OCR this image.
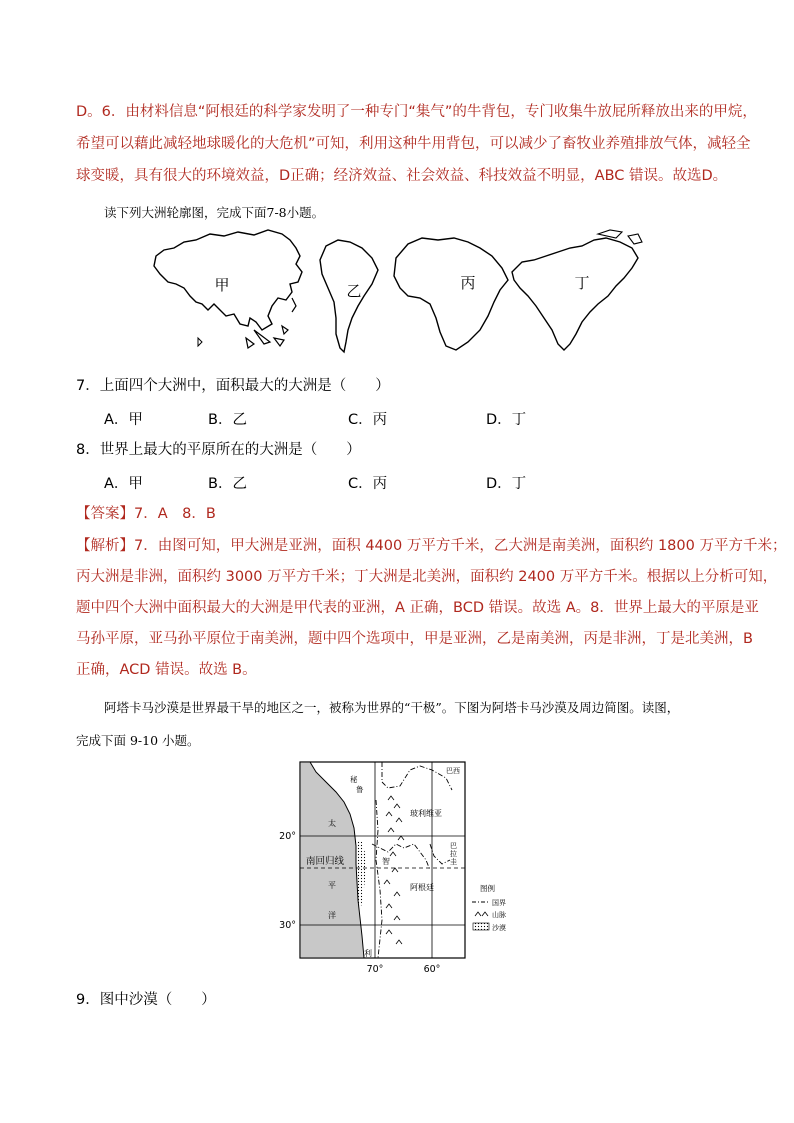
D。6．由材料信息“阿根廷的科学家发明了一种专门“集气”的牛背包，专门收集牛放屁所释放出来的甲烷，
希望可以藉此减轻地球暖化的大危机”可知，利用这种牛用背包，可以减少了畜牧业养殖排放气体，减轻全
球变暖，具有很大的环境效益，D正确；经济效益、社会效益、科技效益不明显，ABC 错误。故选D。
读下列大洲轮廓图，完成下面7-8小题。
甲	乙	丙	丁
7．上面四个大洲中，面积最大的大洲是（　　）
A．甲	B．乙	C．丙	D．丁
8．世界上最大的平原所在的大洲是（　　）
A．甲	B．乙	C．丙	D．丁
【答案】7．A　8．B
【解析】7．由图可知，甲大洲是亚洲，面积 4400 万平方千米，乙大洲是南美洲，面积约 1800 万平方千米；
丙大洲是非洲，面积约 3000 万平方千米；丁大洲是北美洲，面积约 2400 万平方千米。根据以上分析可知，
题中四个大洲中面积最大的大洲是甲代表的亚洲，A 正确，BCD 错误。故选 A。8．世界上最大的平原是亚
马孙平原，亚马孙平原位于南美洲，题中四个选项中，甲是亚洲，乙是南美洲，丙是非洲，丁是北美洲，B
正确，ACD 错误。故选 B。
阿塔卡马沙漠是世界最干旱的地区之一，被称为世界的“干极”。下图为阿塔卡马沙漠及周边简图。读图，
完成下面 9-10 小题。
太
平
洋
南回归线
秘
鲁
巴西
玻利维亚
巴
拉
圭
智
利
阿根廷
20°
30°
70°	60°
图例
国界
山脉
沙漠
9．图中沙漠（　　）
